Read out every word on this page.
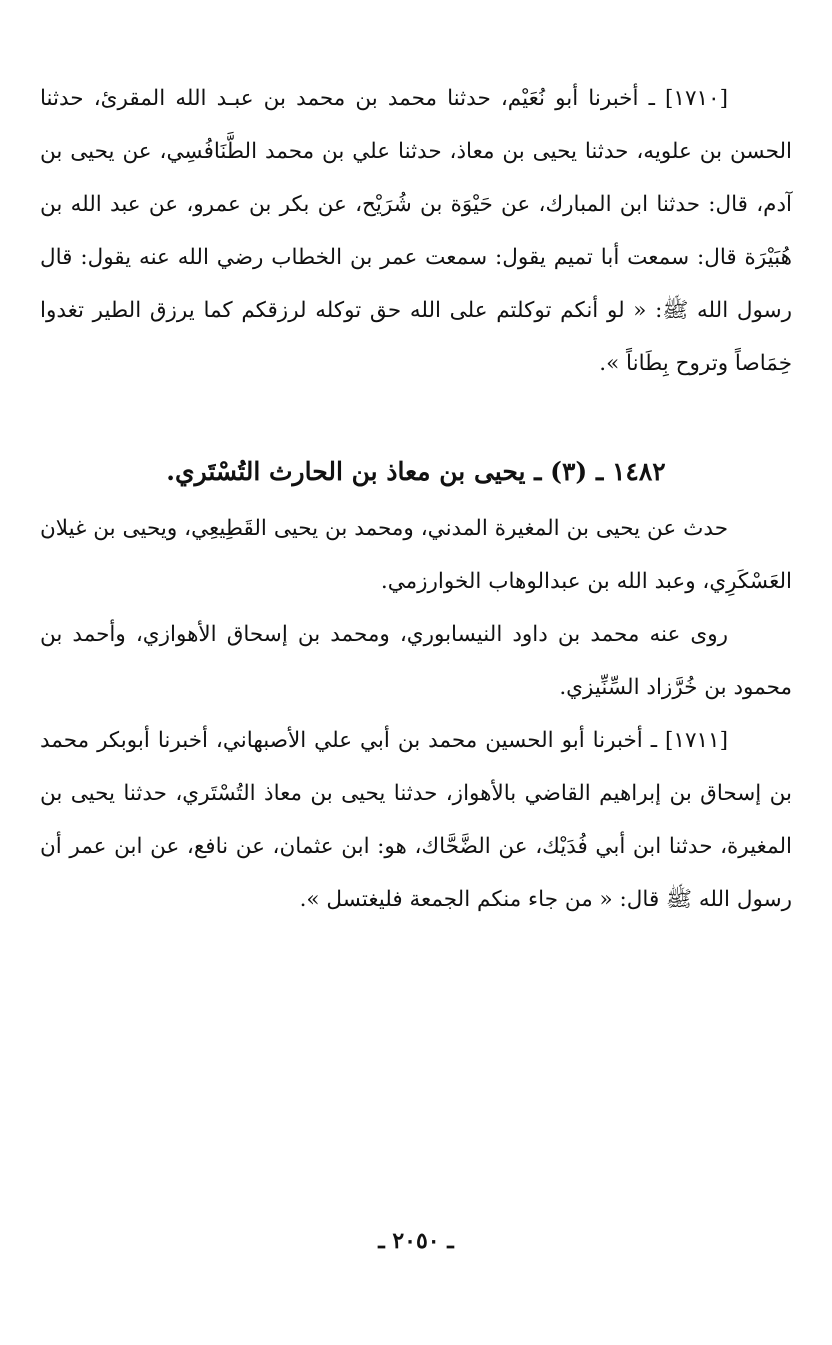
[١٧١٠] ـ أخبرنا أبو نُعَيْم، حدثنا محمد بن محمد بن عبـد الله المقرئ، حدثنا الحسن بن علويه، حدثنا يحيى بن معاذ، حدثنا علي بن محمد الطَّنَافُسِي، عن يحيى بن آدم، قال: حدثنا ابن المبارك، عن حَيْوَة بن شُرَيْح، عن بكر بن عمرو، عن عبد الله بن هُبَيْرَة قال: سمعت أبا تميم يقول: سمعت عمر بن الخطاب رضي الله عنه يقول: قال رسول الله ﷺ: « لو أنكم توكلتم على الله حق توكله لرزقكم كما يرزق الطير تغدوا خِمَاصاً وتروح بِطَاناً ».

١٤٨٢ ـ (٣) ـ يحيى بن معاذ بن الحارث التُسْتَري.

حدث عن يحيى بن المغيرة المدني، ومحمد بن يحيى القَطِيعِي، ويحيى بن غيلان العَسْكَرِي، وعبد الله بن عبدالوهاب الخوارزمي.

روى عنه محمد بن داود النيسابوري، ومحمد بن إسحاق الأهوازي، وأحمد بن محمود بن خُرَّزاد السِّنِّيزي.

[١٧١١] ـ أخبرنا أبو الحسين محمد بن أبي علي الأصبهاني، أخبرنا أبوبكر محمد بن إسحاق بن إبراهيم القاضي بالأهواز، حدثنا يحيى بن معاذ التُسْتَري، حدثنا يحيى بن المغيرة، حدثنا ابن أبي فُدَيْك، عن الضَّحَّاك، هو: ابن عثمان، عن نافع، عن ابن عمر أن رسول الله ﷺ قال: « من جاء منكم الجمعة فليغتسل ».

ـ ٢٠٥٠ ـ
